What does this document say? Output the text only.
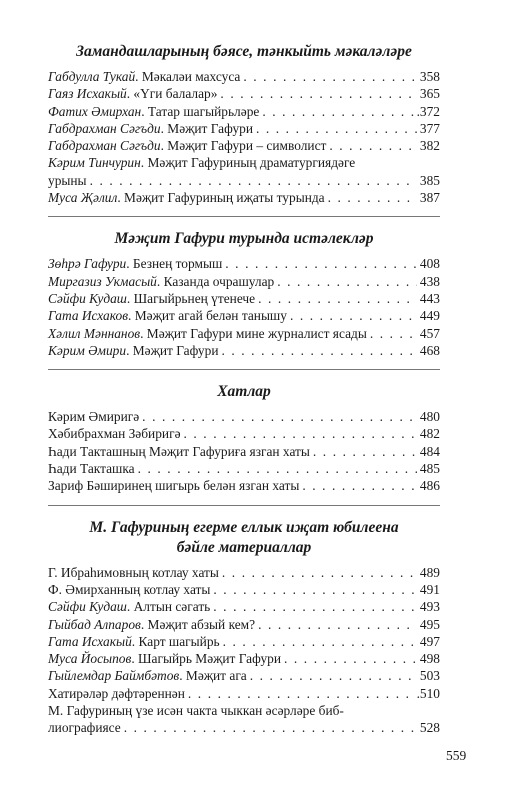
Замандашларының бәясе, тәнкыйть мәкаләләре
Габдулла Тукай. Мәкаләи махсуса . . .	358
Гаяз Исхакый. «Үги балалар» . . .	365
Фатих Әмирхан. Татар шагыйрьләре . . .	.372
Габдрахман Сәгъди. Мәҗит Гафури . . .	377
Габдрахман Сәгъди. Мәҗит Гафури – символист . . .	382
Кәрим Тинчурин. Мәҗит Гафуриның драматургиядәге
урыны . . .	385
Муса Җәлил. Мәҗит Гафуриның иҗаты турында . . .	387
Мәҗит Гафури турында истәлекләр
Зөһрә Гафури. Безнең тормыш . . .	408
Миргазиз Укмасый. Казанда очрашулар . . .	438
Сәйфи Кудаш. Шагыйрьнең үтенече . . .	443
Гата Исхаков. Мәҗит агай белән танышу . . .	449
Хәлил Мәннанов. Мәҗит Гафури мине журналист ясады . . .	457
Кәрим Әмири. Мәҗит Гафури . . .	468
Хатлар
Кәрим Әмиригә . . .	480
Хәбибрахман Зәбиригә . . .	482
Һади Такташның Мәҗит Гафуриға язган хаты . . .	484
Һади Такташка . . .	485
Зариф Бәширинең шигырь белән язган хаты . . .	486
М. Гафуриның егерме еллык иҗат юбилеена
бәйле материаллар
Г. Ибраһимовның котлау хаты . . .	489
Ф. Әмирханның котлау хаты . . .	491
Сәйфи Кудаш. Алтын сәгать . . .	493
Гыйбад Алпаров. Мәҗит абзый кем? . . .	495
Гата Исхакый. Карт шагыйрь . . .	497
Муса Йосыпов. Шагыйрь Мәҗит Гафури . . .	498
Гыйлемдар Баймбәтов. Мәҗит ага . . .	503
Хатирәләр дәфтәреннән . . .	.510
М. Гафуриның үзе исән чакта чыккан әсәрләре биб-
лиографиясе . . .	528
559
